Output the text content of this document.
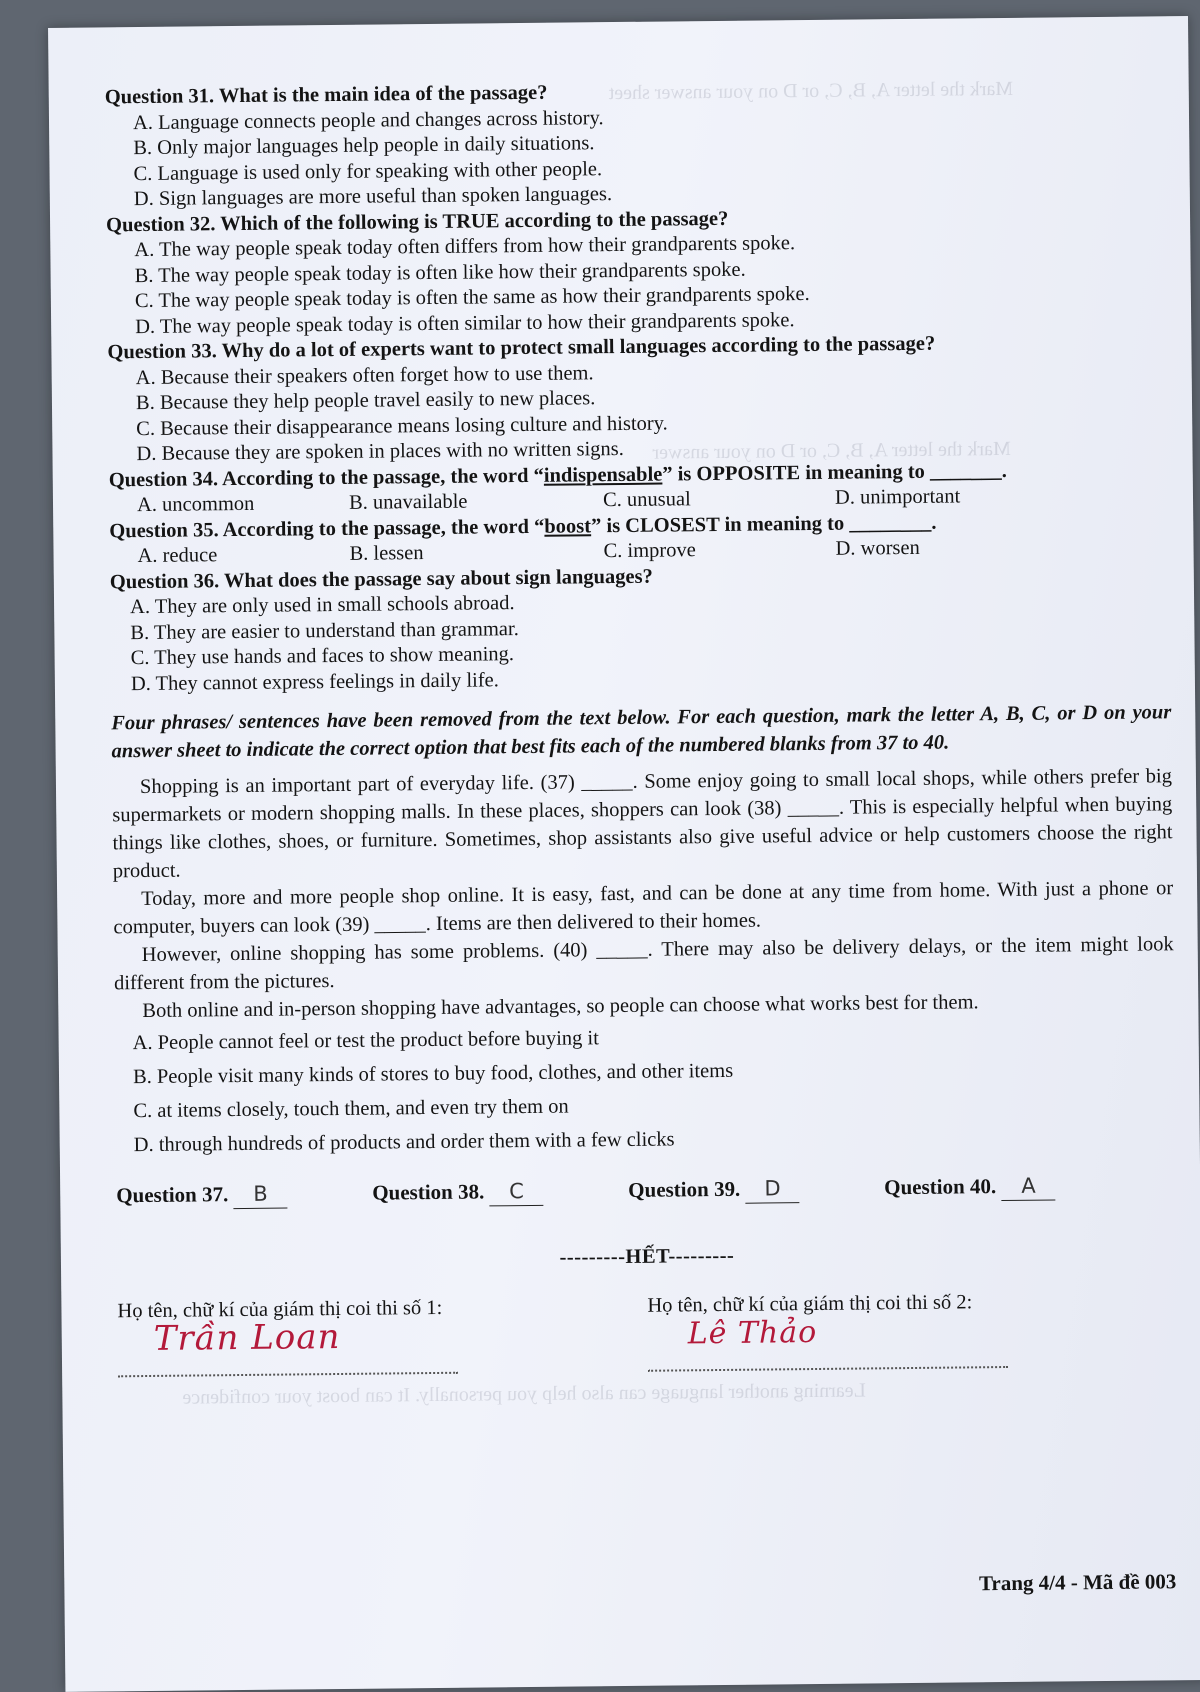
Mark the letter A, B, C, or D on your answer sheet
Mark the letter A, B, C, or D on your answer
Learning another language can also help you personally. It can boost your confidence

Question 31. What is the main idea of the passage?

A. Language connects people and changes across history.

B. Only major languages help people in daily situations.

C. Language is used only for speaking with other people.

D. Sign languages are more useful than spoken languages.

Question 32. Which of the following is TRUE according to the passage?

A. The way people speak today often differs from how their grandparents spoke.

B. The way people speak today is often like how their grandparents spoke.

C. The way people speak today is often the same as how their grandparents spoke.

D. The way people speak today is often similar to how their grandparents spoke.

Question 33. Why do a lot of experts want to protect small languages according to the passage?

A. Because their speakers often forget how to use them.

B. Because they help people travel easily to new places.

C. Because their disappearance means losing culture and history.

D. Because they are spoken in places with no written signs.

Question 34. According to the passage, the word “indispensable” is OPPOSITE in meaning to _______.

A. uncommon	B. unavailable	C. unusual	D. unimportant

Question 35. According to the passage, the word “boost” is CLOSEST in meaning to ________.

A. reduce	B. lessen	C. improve	D. worsen

Question 36. What does the passage say about sign languages?

A. They are only used in small schools abroad.

B. They are easier to understand than grammar.

C. They use hands and faces to show meaning.

D. They cannot express feelings in daily life.

Four phrases/ sentences have been removed from the text below. For each question, mark the letter A, B, C, or D on your answer sheet to indicate the correct option that best fits each of the numbered blanks from 37 to 40.

Shopping is an important part of everyday life. (37) _____. Some enjoy going to small local shops, while others prefer big supermarkets or modern shopping malls. In these places, shoppers can look (38) _____. This is especially helpful when buying things like clothes, shoes, or furniture. Sometimes, shop assistants also give useful advice or help customers choose the right product.

Today, more and more people shop online. It is easy, fast, and can be done at any time from home. With just a phone or computer, buyers can look (39) _____. Items are then delivered to their homes.

However, online shopping has some problems. (40) _____. There may also be delivery delays, or the item might look different from the pictures.

Both online and in-person shopping have advantages, so people can choose what works best for them.

A. People cannot feel or test the product before buying it

B. People visit many kinds of stores to buy food, clothes, and other items

C. at items closely, touch them, and even try them on

D. through hundreds of products and order them with a few clicks

Question 37. B	Question 38. C	Question 39. D	Question 40. A

---------HẾT---------

Họ tên, chữ kí của giám thị coi thi số 1:
Trần Loan
Họ tên, chữ kí của giám thị coi thi số 2:
Lê Thảo
Trang 4/4 - Mã đề 003
